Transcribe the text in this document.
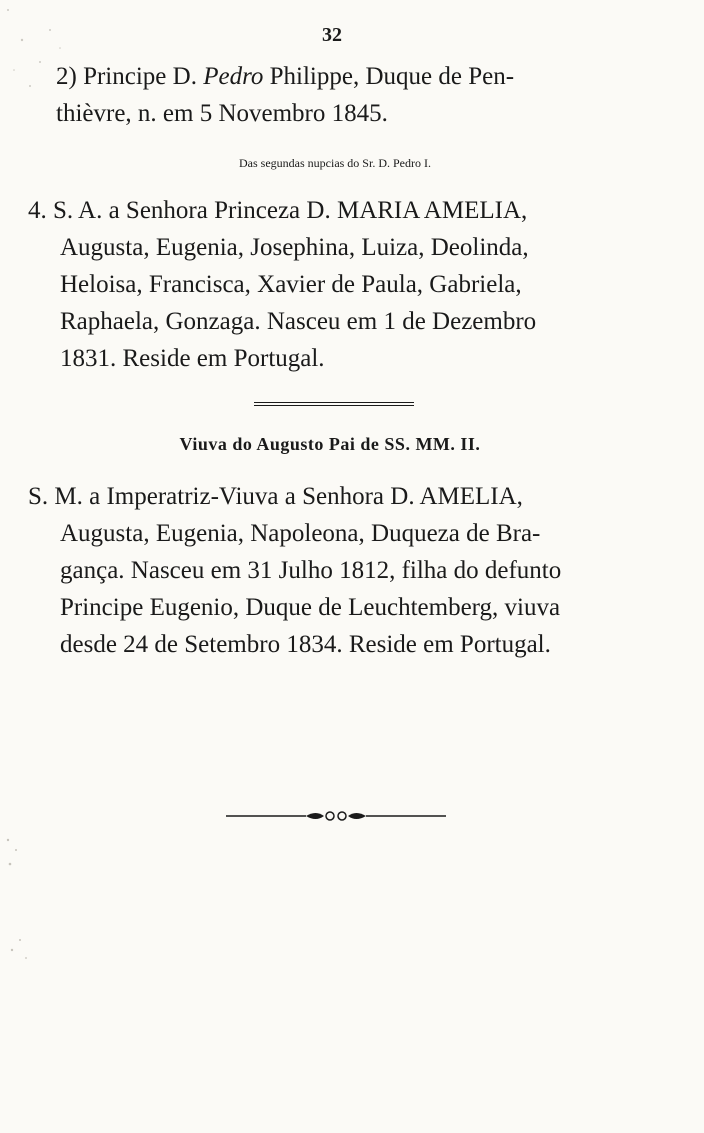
32
2) Principe D. Pedro Philippe, Duque de Pen-
thièvre, n. em 5 Novembro 1845.
Das segundas nupcias do Sr. D. Pedro I.
4. S. A. a Senhora Princeza D. MARIA AMELIA,
Augusta, Eugenia, Josephina, Luiza, Deolinda,
Heloisa, Francisca, Xavier de Paula, Gabriela,
Raphaela, Gonzaga. Nasceu em 1 de Dezembro
1831. Reside em Portugal.
Viuva do Augusto Pai de SS. MM. II.
S. M. a Imperatriz-Viuva a Senhora D. AMELIA,
Augusta, Eugenia, Napoleona, Duqueza de Bra-
gança. Nasceu em 31 Julho 1812, filha do defunto
Principe Eugenio, Duque de Leuchtemberg, viuva
desde 24 de Setembro 1834. Reside em Portugal.
